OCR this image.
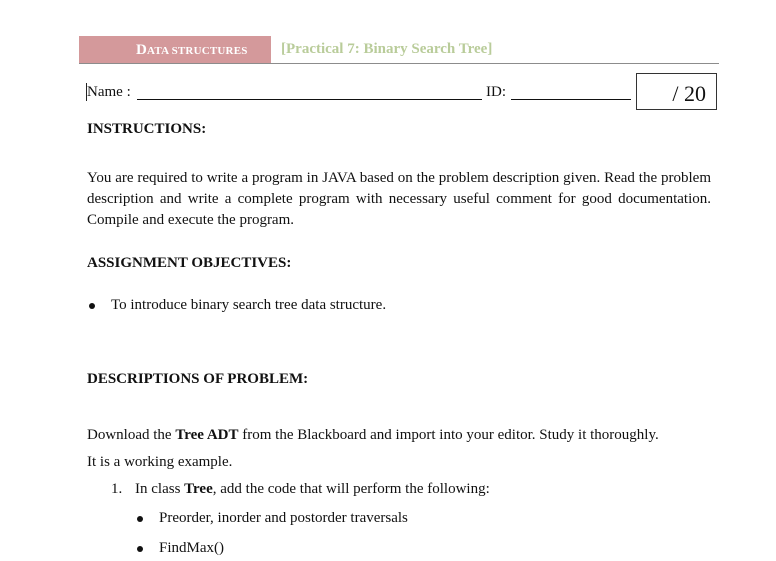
DATA STRUCTURES [Practical 7: Binary Search Tree]
Name :	ID:	/ 20
INSTRUCTIONS:

You are required to write a program in JAVA based on the problem description given. Read the problem description and write a complete program with necessary useful comment for good documentation. Compile and execute the program.

ASSIGNMENT OBJECTIVES:
To introduce binary search tree data structure.
DESCRIPTIONS OF PROBLEM:
Download the Tree ADT from the Blackboard and import into your editor. Study it thoroughly.
It is a working example.
1. In class Tree, add the code that will perform the following:
Preorder, inorder and postorder traversals
FindMax()
